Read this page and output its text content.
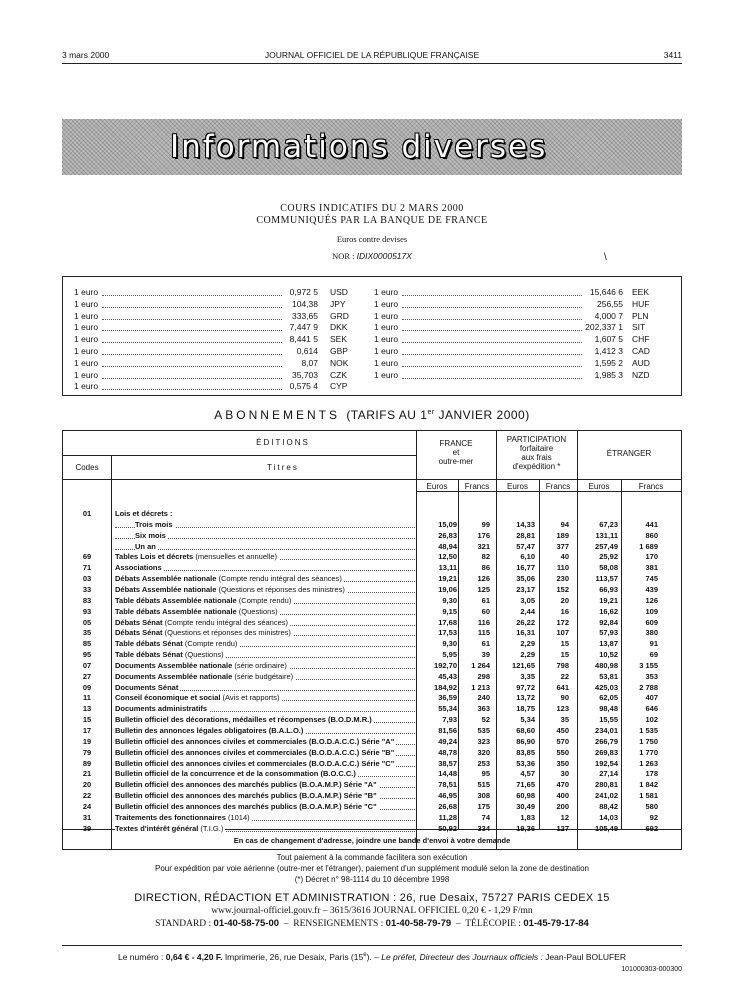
3 mars 2000	JOURNAL OFFICIEL DE LA RÉPUBLIQUE FRANÇAISE	3411
Informations diverses
COURS INDICATIFS DU 2 MARS 2000
COMMUNIQUÉS PAR LA BANQUE DE FRANCE
Euros contre devises
NOR : IDIX0000517X	\
1 euro	0,972 5 USD
1 euro	104,38 JPY
1 euro	333,65 GRD
1 euro	7,447 9 DKK
1 euro	8,441 5 SEK
1 euro	0,614 GBP
1 euro	8,07 NOK
1 euro	35,703 CZK
1 euro	0,575 4 CYP
1 euro	15,646 6 EEK
1 euro	256,55 HUF
1 euro	4,000 7 PLN
1 euro	202,337 1 SIT
1 euro	1,607 5 CHF
1 euro	1,412 3 CAD
1 euro	1,595 2 AUD
1 euro	1,985 3 NZD
ABONNEMENTS (TARIFS AU 1er JANVIER 2000)
ÉDITIONS
Codes	Titres
FRANCE
et
outre-mer
PARTICIPATION
forfaitaire
aux frais
d'expédition *
ÉTRANGER
Euros	Francs	Euros	Francs	Euros	Francs
01	Lois et décrets :
Trois mois	15,09	99	14,33	94	67,23	441
Six mois	26,83	176	28,81	189	131,11	860
Un an	48,94	321	57,47	377	257,49	1 689
69	Tables Lois et décrets (mensuelles et annuelle)	12,50	82	6,10	40	25,92	170
71	Associations	13,11	86	16,77	110	58,08	381
03	Débats Assemblée nationale (Compte rendu intégral des séances)	19,21	126	35,06	230	113,57	745
33	Débats Assemblée nationale (Questions et réponses des ministres)	19,06	125	23,17	152	66,93	439
83	Table débats Assemblée nationale (Compte rendu)	9,30	61	3,05	20	19,21	126
93	Table débats Assemblée nationale (Questions)	9,15	60	2,44	16	16,62	109
05	Débats Sénat (Compte rendu intégral des séances)	17,68	116	26,22	172	92,84	609
35	Débats Sénat (Questions et réponses des ministres)	17,53	115	16,31	107	57,93	380
85	Table débats Sénat (Compte rendu)	9,30	61	2,29	15	13,87	91
95	Table débats Sénat (Questions)	5,95	39	2,29	15	10,52	69
07	Documents Assemblée nationale (série ordinaire)	192,70	1 264	121,65	798	480,98	3 155
27	Documents Assemblée nationale (série budgétaire)	45,43	298	3,35	22	53,81	353
09	Documents Sénat	184,92	1 213	97,72	641	425,03	2 788
11	Conseil économique et social (Avis et rapports)	36,59	240	13,72	90	62,05	407
13	Documents administratifs	55,34	363	18,75	123	98,48	646
15	Bulletin officiel des décorations, médailles et récompenses (B.O.D.M.R.)	7,93	52	5,34	35	15,55	102
17	Bulletin des annonces légales obligatoires (B.A.L.O.)	81,56	535	68,60	450	234,01	1 535
19	Bulletin officiel des annonces civiles et commerciales (B.O.D.A.C.C.) Série "A"	49,24	323	86,90	570	266,79	1 750
79	Bulletin officiel des annonces civiles et commerciales (B.O.D.A.C.C.) Série "B"	48,78	320	83,85	550	269,83	1 770
89	Bulletin officiel des annonces civiles et commerciales (B.O.D.A.C.C.) Série "C"	38,57	253	53,36	350	192,54	1 263
21	Bulletin officiel de la concurrence et de la consommation (B.O.C.C.)	14,48	95	4,57	30	27,14	178
20	Bulletin officiel des annonces des marchés publics (B.O.A.M.P.) Série "A"	78,51	515	71,65	470	280,81	1 842
22	Bulletin officiel des annonces des marchés publics (B.O.A.M.P.) Série "B"	46,95	308	60,98	400	241,02	1 581
24	Bulletin officiel des annonces des marchés publics (B.O.A.M.P.) Série "C"	26,68	175	30,49	200	88,42	580
31	Traitements des fonctionnaires (1014)	11,28	74	1,83	12	14,03	92
39	Textes d'intérêt général (T.I.G.)	50,92	334	19,36	127	105,49	692
En cas de changement d'adresse, joindre une bande d'envoi à votre demande
Tout paiement à la commande facilitera son exécution
Pour expédition par voie aérienne (outre-mer et l'étranger), paiement d'un supplément modulé selon la zone de destination
(*) Décret n° 98-1114 du 10 décembre 1998
DIRECTION, RÉDACTION ET ADMINISTRATION : 26, rue Desaix, 75727 PARIS CEDEX 15
www.journal-officiel.gouv.fr – 3615/3616 JOURNAL OFFICIEL 0,20 € - 1,29 F/mn
STANDARD : 01-40-58-75-00  –  RENSEIGNEMENTS : 01-40-58-79-79  –  TÉLÉCOPIE : 01-45-79-17-84
Le numéro : 0,64 € - 4,20 F. Imprimerie, 26, rue Desaix, Paris (15e). – Le préfet, Directeur des Journaux officiels : Jean-Paul BOLUFER
101000303-000300
